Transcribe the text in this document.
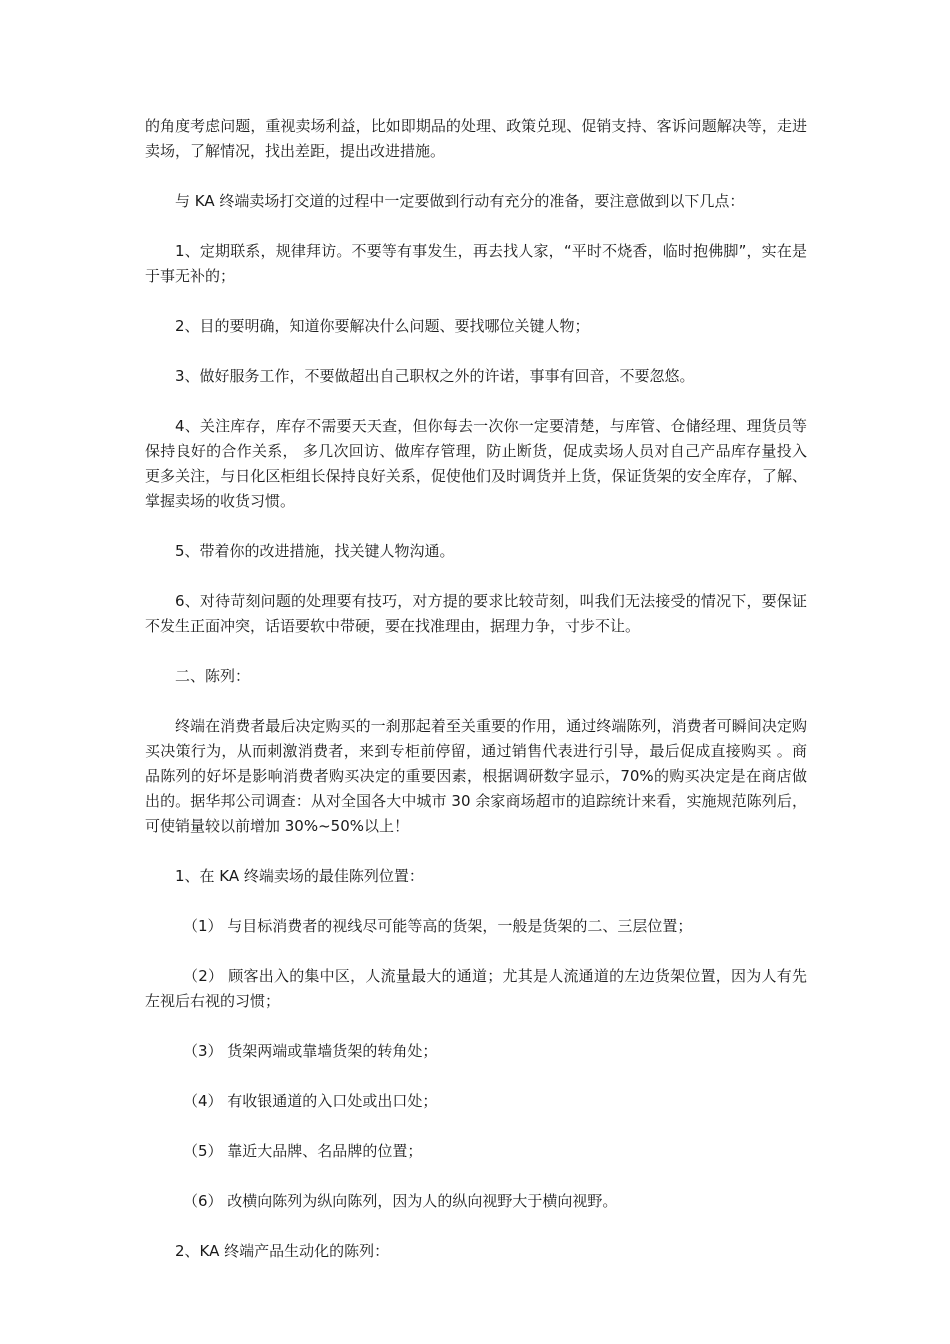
的角度考虑问题，重视卖场利益，比如即期品的处理、政策兑现、促销支持、客诉问题解决等，走进卖场，了解情况，找出差距，提出改进措施。

与 KA 终端卖场打交道的过程中一定要做到行动有充分的准备，要注意做到以下几点：

1、定期联系，规律拜访。不要等有事发生，再去找人家，“平时不烧香，临时抱佛脚”，实在是于事无补的；

2、目的要明确，知道你要解决什么问题、要找哪位关键人物；

3、做好服务工作，不要做超出自己职权之外的许诺，事事有回音，不要忽悠。

4、关注库存，库存不需要天天查，但你每去一次你一定要清楚，与库管、仓储经理、理货员等保持良好的合作关系， 多几次回访、做库存管理，防止断货，促成卖场人员对自己产品库存量投入更多关注，与日化区柜组长保持良好关系，促使他们及时调货并上货，保证货架的安全库存，了解、掌握卖场的收货习惯。

5、带着你的改进措施，找关键人物沟通。

6、对待苛刻问题的处理要有技巧，对方提的要求比较苛刻，叫我们无法接受的情况下，要保证不发生正面冲突，话语要软中带硬，要在找准理由，据理力争，寸步不让。

二、陈列：

终端在消费者最后决定购买的一刹那起着至关重要的作用，通过终端陈列，消费者可瞬间决定购买决策行为，从而刺激消费者，来到专柜前停留，通过销售代表进行引导，最后促成直接购买 。商品陈列的好坏是影响消费者购买决定的重要因素，根据调研数字显示，70%的购买决定是在商店做出的。据华邦公司调查：从对全国各大中城市 30 余家商场超市的追踪统计来看，实施规范陈列后，可使销量较以前增加 30%~50%以上！

1、在 KA 终端卖场的最佳陈列位置：

（1） 与目标消费者的视线尽可能等高的货架，一般是货架的二、三层位置；

（2） 顾客出入的集中区，人流量最大的通道；尤其是人流通道的左边货架位置，因为人有先左视后右视的习惯；

（3） 货架两端或靠墙货架的转角处；

（4） 有收银通道的入口处或出口处；

（5） 靠近大品牌、名品牌的位置；

（6） 改横向陈列为纵向陈列，因为人的纵向视野大于横向视野。

2、KA 终端产品生动化的陈列：
